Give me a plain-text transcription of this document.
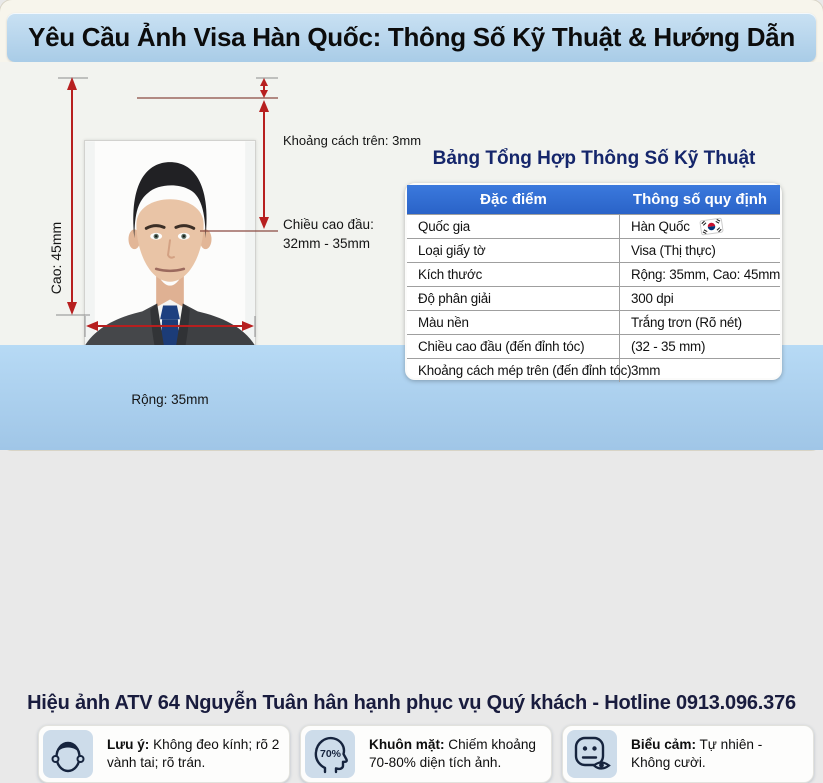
Yêu Cầu Ảnh Visa Hàn Quốc: Thông Số Kỹ Thuật & Hướng Dẫn
Cao: 45mm
Khoảng cách trên: 3mm
Chiều cao đầu:
32mm - 35mm
Rộng: 35mm
Bảng Tổng Hợp Thông Số Kỹ Thuật
Đặc điểm	Thông số quy định
Quốc gia	Hàn Quốc
Loại giấy tờ	Visa (Thị thực)
Kích thước	Rộng: 35mm, Cao: 45mm
Độ phân giải	300 dpi
Màu nền	Trắng trơn (Rõ nét)
Chiều cao đầu (đến đỉnh tóc)	(32 - 35 mm)
Khoảng cách mép trên (đến đỉnh tóc) 3mm
Hiệu ảnh ATV 64 Nguyễn Tuân hân hạnh phục vụ Quý khách - Hotline 0913.096.376
Lưu ý: Không đeo kính; rõ 2 vành tai; rõ trán.
70%
Khuôn mặt: Chiếm khoảng 70-80% diện tích ảnh.
Biểu cảm: Tự nhiên - Không cười.
